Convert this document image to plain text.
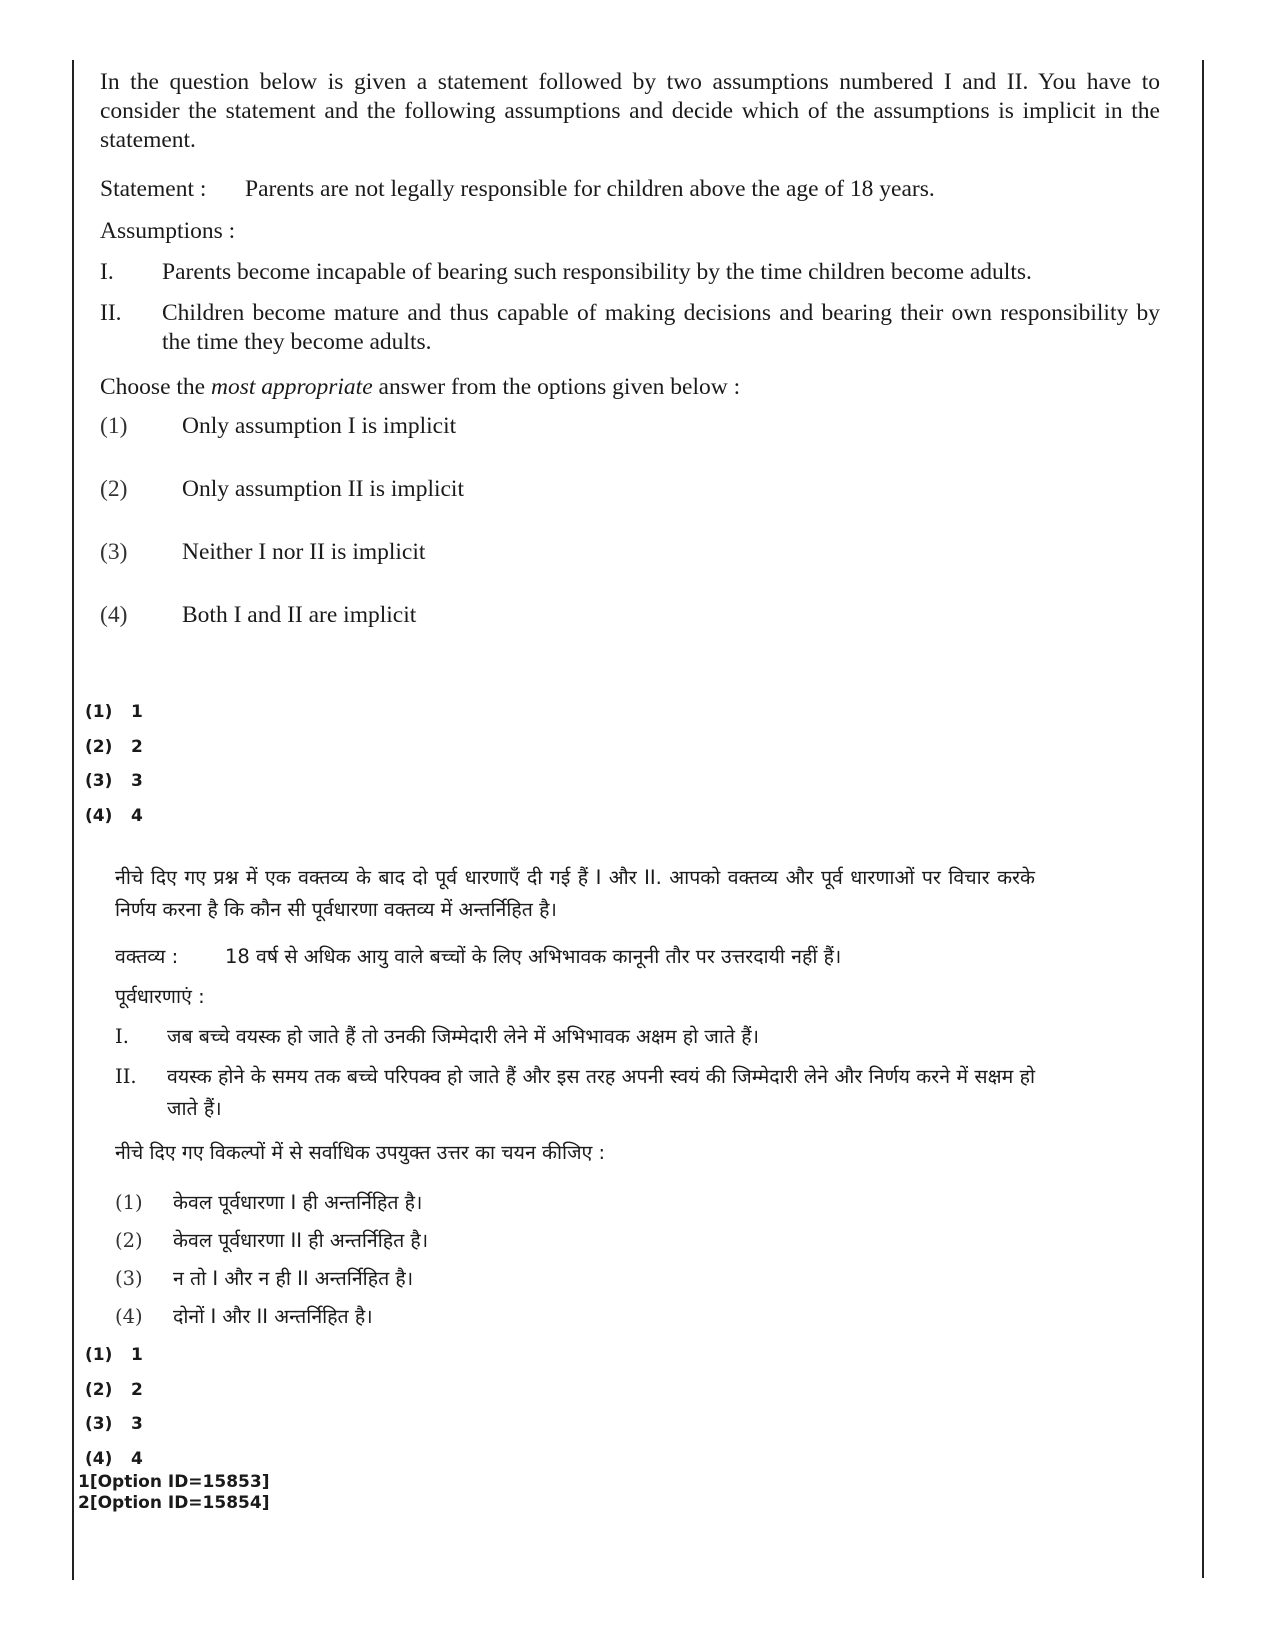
In the question below is given a statement followed by two assumptions numbered I and II. You have to consider the statement and the following assumptions and decide which of the assumptions is implicit in the statement.

Statement : Parents are not legally responsible for children above the age of 18 years.
Assumptions :
I.	Parents become incapable of bearing such responsibility by the time children become adults.
II.	Children become mature and thus capable of making decisions and bearing their own responsibility by the time they become adults.
Choose the most appropriate answer from the options given below :
(1)	Only assumption I is implicit
(2)	Only assumption II is implicit
(3)	Neither I nor II is implicit
(4)	Both I and II are implicit
(1)	1
(2)	2
(3)	3
(4)	4

नीचे दिए गए प्रश्न में एक वक्तव्य के बाद दो पूर्व धारणाएँ दी गई हैं I और II. आपको वक्तव्य और पूर्व धारणाओं पर विचार करके निर्णय करना है कि कौन सी पूर्वधारणा वक्तव्य में अन्तर्निहित है।

वक्तव्य : 18 वर्ष से अधिक आयु वाले बच्चों के लिए अभिभावक कानूनी तौर पर उत्तरदायी नहीं हैं।
पूर्वधारणाएं :
I.	जब बच्चे वयस्क हो जाते हैं तो उनकी जिम्मेदारी लेने में अभिभावक अक्षम हो जाते हैं।
II.	वयस्क होने के समय तक बच्चे परिपक्व हो जाते हैं और इस तरह अपनी स्वयं की जिम्मेदारी लेने और निर्णय करने में सक्षम हो जाते हैं।
नीचे दिए गए विकल्पों में से सर्वाधिक उपयुक्त उत्तर का चयन कीजिए :
(1)	केवल पूर्वधारणा I ही अन्तर्निहित है।
(2)	केवल पूर्वधारणा II ही अन्तर्निहित है।
(3)	न तो I और न ही II अन्तर्निहित है।
(4)	दोनों I और II अन्तर्निहित है।
(1)	1
(2)	2
(3)	3
(4)	4
1[Option ID=15853]
2[Option ID=15854]
